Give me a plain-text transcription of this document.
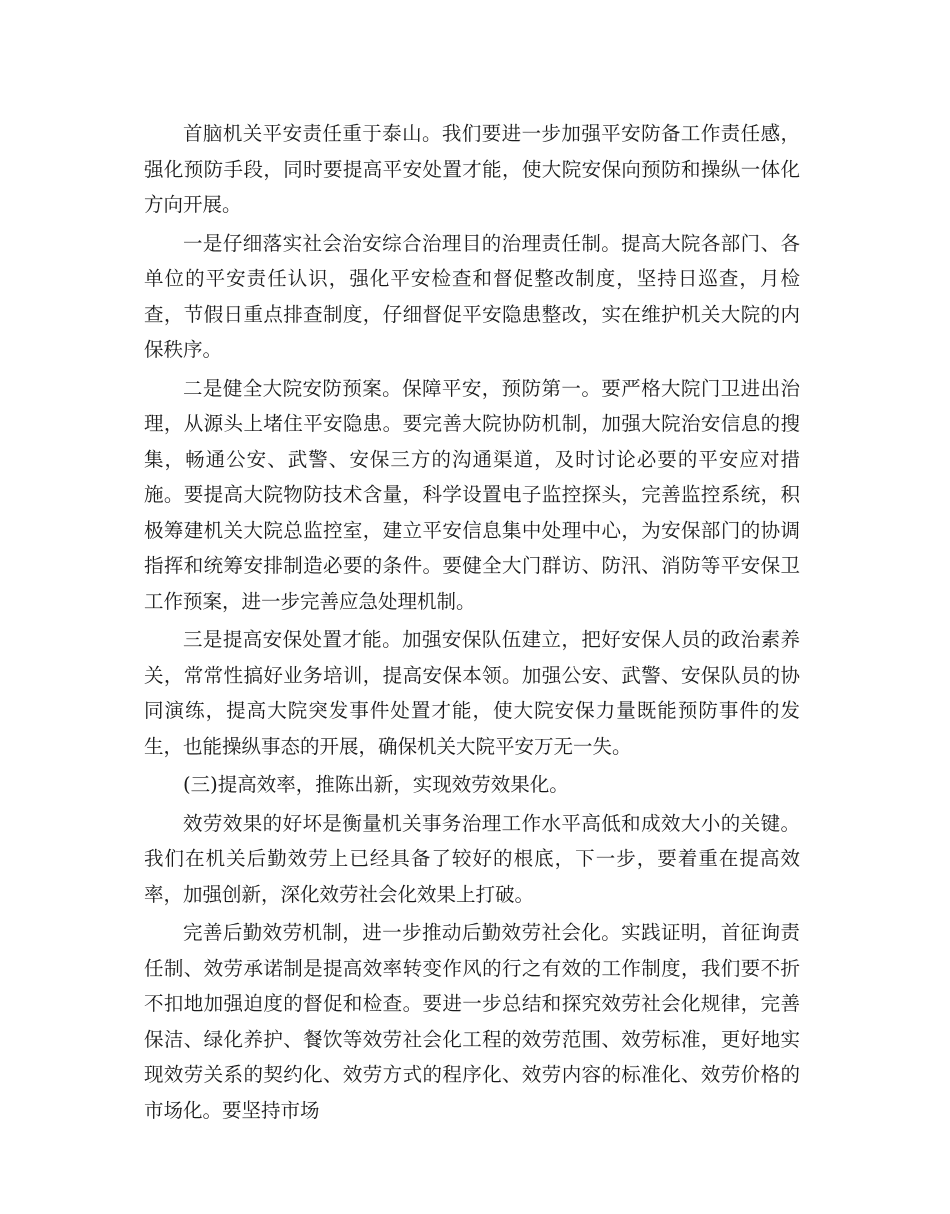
首脑机关平安责任重于泰山。我们要进一步加强平安防备工作责任感，强化预防手段，同时要提高平安处置才能，使大院安保向预防和操纵一体化方向开展。

一是仔细落实社会治安综合治理目的治理责任制。提高大院各部门、各单位的平安责任认识，强化平安检查和督促整改制度，坚持日巡查，月检查，节假日重点排查制度，仔细督促平安隐患整改，实在维护机关大院的内保秩序。

二是健全大院安防预案。保障平安，预防第一。要严格大院门卫进出治理，从源头上堵住平安隐患。要完善大院协防机制，加强大院治安信息的搜集，畅通公安、武警、安保三方的沟通渠道，及时讨论必要的平安应对措施。要提高大院物防技术含量，科学设置电子监控探头，完善监控系统，积极筹建机关大院总监控室，建立平安信息集中处理中心，为安保部门的协调指挥和统筹安排制造必要的条件。要健全大门群访、防汛、消防等平安保卫工作预案，进一步完善应急处理机制。

三是提高安保处置才能。加强安保队伍建立，把好安保人员的政治素养关，常常性搞好业务培训，提高安保本领。加强公安、武警、安保队员的协同演练，提高大院突发事件处置才能，使大院安保力量既能预防事件的发生，也能操纵事态的开展，确保机关大院平安万无一失。

(三)提高效率，推陈出新，实现效劳效果化。

效劳效果的好坏是衡量机关事务治理工作水平高低和成效大小的关键。我们在机关后勤效劳上已经具备了较好的根底，下一步，要着重在提高效率，加强创新，深化效劳社会化效果上打破。

完善后勤效劳机制，进一步推动后勤效劳社会化。实践证明，首征询责任制、效劳承诺制是提高效率转变作风的行之有效的工作制度，我们要不折不扣地加强迫度的督促和检查。要进一步总结和探究效劳社会化规律，完善保洁、绿化养护、餐饮等效劳社会化工程的效劳范围、效劳标准，更好地实现效劳关系的契约化、效劳方式的程序化、效劳内容的标准化、效劳价格的市场化。要坚持市场
